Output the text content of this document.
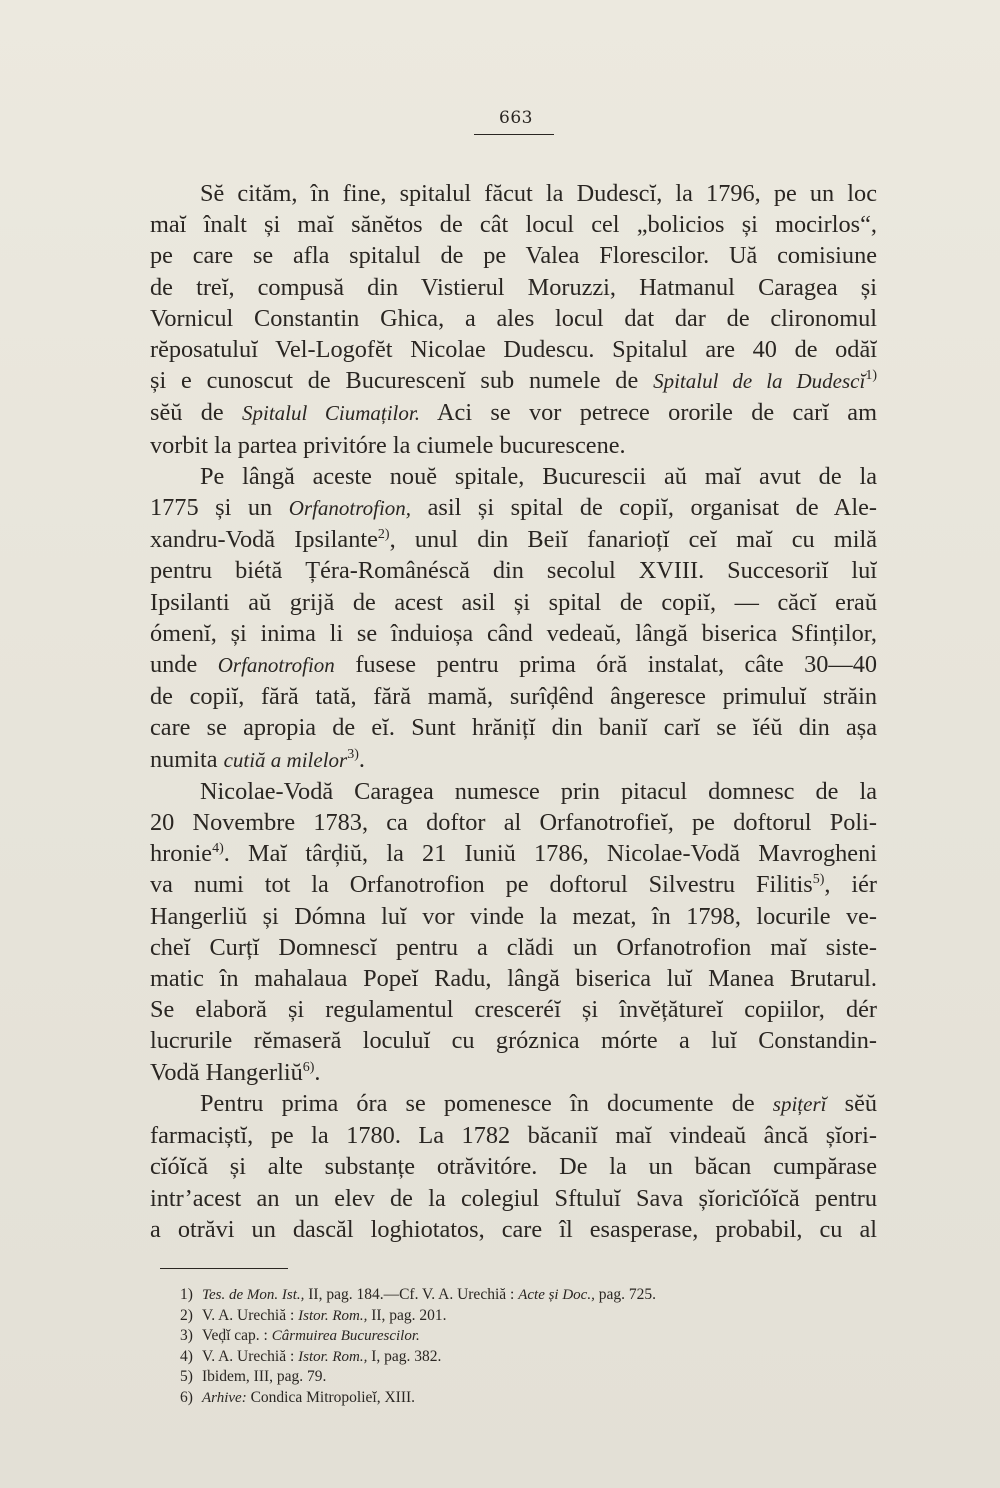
663
Sĕ cităm, în fine, spitalul făcut la Dudescĭ, la 1796, pe un loc
maĭ înalt și maĭ sănĕtos de cât locul cel „bolicios și mocirlos“,
pe care se afla spitalul de pe Valea Florescilor. Uă comisiune
de treĭ, compusă din Vistierul Moruzzi, Hatmanul Caragea și
Vornicul Constantin Ghica, a ales locul dat dar de clironomul
rĕposatuluĭ Vel-Logofĕt Nicolae Dudescu. Spitalul are 40 de odăĭ
și e cunoscut de Bucurescenĭ sub numele de Spitalul de la Dudescĭ$^{1)}$
sĕŭ de Spitalul Ciumaților. Aci se vor petrece ororile de carĭ am
vorbit la partea privitóre la ciumele bucurescene.
Pe lângă aceste nouĕ spitale, Bucurescii aŭ maĭ avut de la
1775 și un Orfanotrofion, asil și spital de copiĭ, organisat de Ale-
xandru-Vodă Ipsilante$^{2)}$, unul din Beiĭ fanarioțĭ ceĭ maĭ cu milă
pentru biétă Țéra-Românéscă din secolul XVIII. Succesoriĭ luĭ
Ipsilanti aŭ grijă de acest asil și spital de copiĭ, — căcĭ eraŭ
ómenĭ, și inima li se înduioșa când vedeaŭ, lângă biserica Sfinților,
unde Orfanotrofion fusese pentru prima óră instalat, câte 30—40
de copiĭ, fără tată, fără mamă, surîḑênd ângeresce primuluĭ străin
care se apropia de eĭ. Sunt hrănițĭ din baniĭ carĭ se ĭéŭ din așa
numita cutiă a milelor$^{3)}$.
Nicolae-Vodă Caragea numesce prin pitacul domnesc de la
20 Novembre 1783, ca doftor al Orfanotrofieĭ, pe doftorul Poli-
hronie$^{4)}$. Maĭ târḑiŭ, la 21 Iuniŭ 1786, Nicolae-Vodă Mavrogheni
va numi tot la Orfanotrofion pe doftorul Silvestru Filitis$^{5)}$, iér
Hangerliŭ și Dómna luĭ vor vinde la mezat, în 1798, locurile ve-
cheĭ Curțĭ Domnescĭ pentru a clădi un Orfanotrofion maĭ siste-
matic în mahalaua Popeĭ Radu, lângă biserica luĭ Manea Brutarul.
Se elaboră și regulamentul cresceréĭ și învĕțătureĭ copiilor, dér
lucrurile rĕmaseră loculuĭ cu gróznica mórte a luĭ Constandin-
Vodă Hangerliŭ$^{6)}$.
Pentru prima óra se pomenesce în documente de spițerĭ sĕŭ
farmaciștĭ, pe la 1780. La 1782 băcaniĭ maĭ vindeaŭ âncă șĭori-
cĭóĭcă și alte substanțe otrăvitóre. De la un băcan cumpărase
intr’acest an un elev de la colegiul Sftuluĭ Sava șĭoricĭóĭcă pentru
a otrăvi un dascăl loghiotatos, care îl esasperase, probabil, cu al
1) Tes. de Mon. Ist., II, pag. 184.—Cf. V. A. Urechiă : Acte și Doc., pag. 725.
2) V. A. Urechiă : Istor. Rom., II, pag. 201.
3) Veḑĭ cap. : Cârmuirea Bucurescilor.
4) V. A. Urechiă : Istor. Rom., I, pag. 382.
5) Ibidem, III, pag. 79.
6) Arhive: Condica Mitropolieĭ, XIII.
